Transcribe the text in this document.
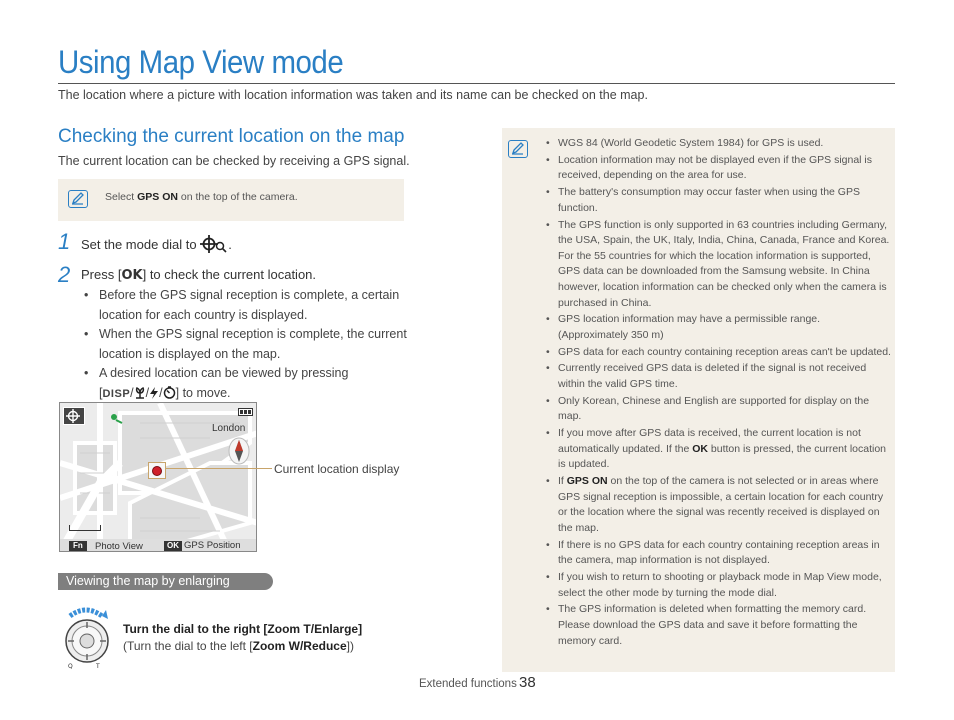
Using Map View mode
The location where a picture with location information was taken and its name can be checked on the map.
Checking the current location on the map
The current location can be checked by receiving a GPS signal.
Select GPS ON on the top of the camera.
1 Set the mode dial to .
2 Press [OK] to check the current location.
• Before the GPS signal reception is complete, a certain location for each country is displayed.
• When the GPS signal reception is complete, the current location is displayed on the map.
• A desired location can be viewed by pressing
[DISP/ / / ] to move.
London
Fn	Photo View	OK GPS Position
Current location display
Viewing the map by enlarging
Q	T
Turn the dial to the right [Zoom T/Enlarge]
(Turn the dial to the left [Zoom W/Reduce])
• WGS 84 (World Geodetic System 1984) for GPS is used.
• Location information may not be displayed even if the GPS signal is received, depending on the area for use.
• The battery's consumption may occur faster when using the GPS function.
• The GPS function is only supported in 63 countries including Germany, the USA, Spain, the UK, Italy, India, China, Canada, France and Korea. For the 55 countries for which the location information is supported, GPS data can be downloaded from the Samsung website. In China however, location information can be checked only when the camera is purchased in China.
• GPS location information may have a permissible range. (Approximately 350 m)
• GPS data for each country containing reception areas can't be updated.
• Currently received GPS data is deleted if the signal is not received within the valid GPS time.
• Only Korean, Chinese and English are supported for display on the map.
• If you move after GPS data is received, the current location is not automatically updated. If the OK button is pressed, the current location is updated.
• If GPS ON on the top of the camera is not selected or in areas where GPS signal reception is impossible, a certain location for each country or the location where the signal was recently received is displayed on the map.
• If there is no GPS data for each country containing reception areas in the camera, map information is not displayed.
• If you wish to return to shooting or playback mode in Map View mode, select the other mode by turning the mode dial.
• The GPS information is deleted when formatting the memory card. Please download the GPS data and save it before formatting the memory card.
Extended functions 38
